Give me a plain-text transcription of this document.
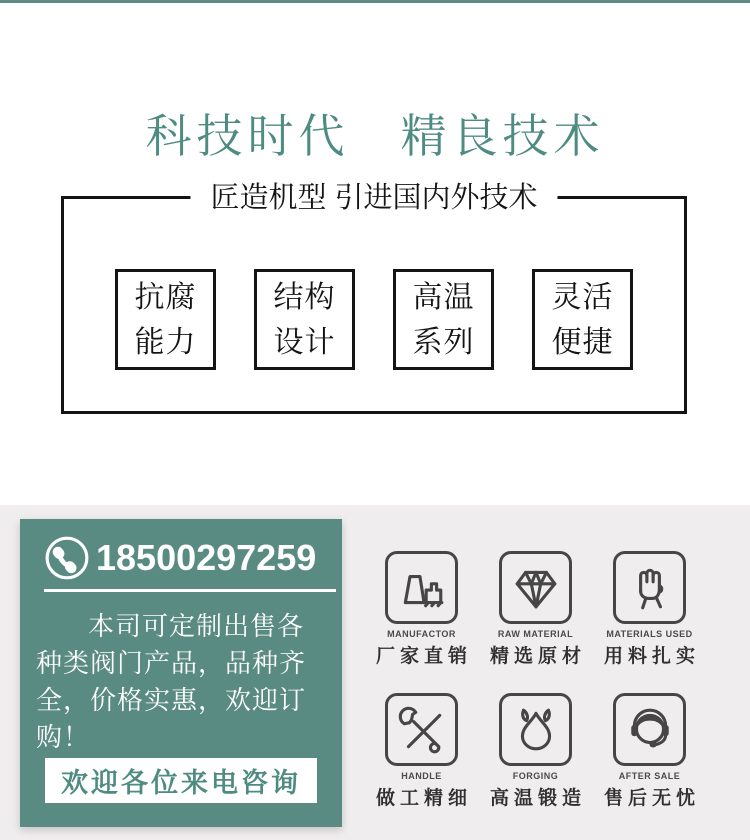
科技时代　精良技术
匠造机型 引进国内外技术
抗腐
能力
结构
设计
高温
系列
灵活
便捷
18500297259

本司可定制出售各种类阀门产品，品种齐全，价格实惠，欢迎订购！

欢迎各位来电咨询
MANUFACTOR
厂家直销
RAW MATERIAL
精选原材
MATERIALS USED
用料扎实
HANDLE
做工精细
FORGING
高温锻造
AFTER SALE
售后无忧
